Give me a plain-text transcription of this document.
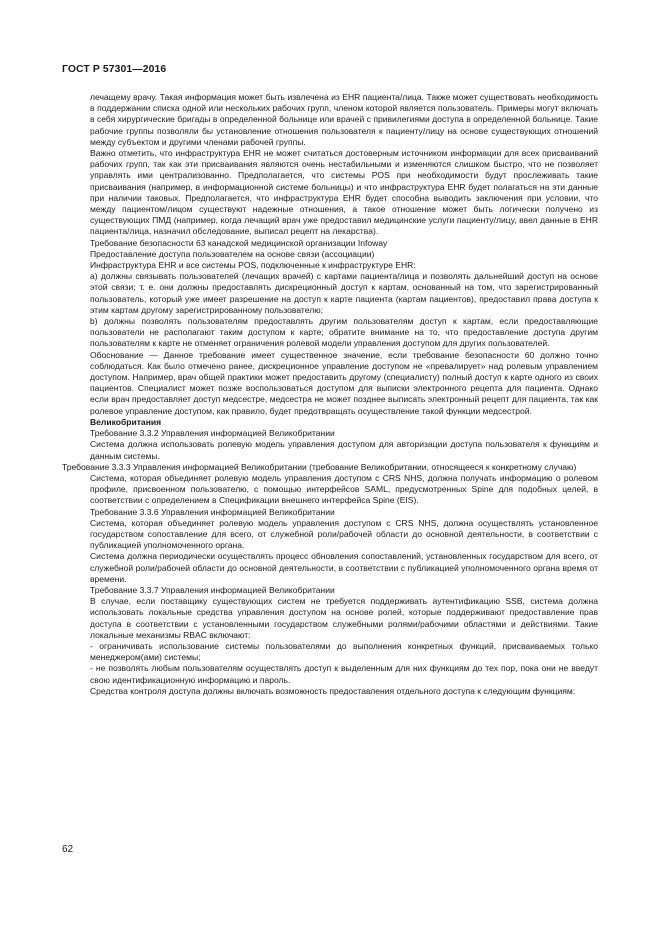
ГОСТ Р 57301—2016

лечащему врачу. Такая информация может быть извлечена из EHR пациента/лица. Также может существовать необходимость в поддержании списка одной или нескольких рабочих групп, членом которой является пользователь. Примеры могут включать в себя хирургические бригады в определенной больнице или врачей с привилегиями доступа в определенной больнице. Такие рабочие группы позволяли бы установление отношения пользователя к пациенту/лицу на основе существующих отношений между субъектом и другими членами рабочей группы.

Важно отметить, что инфраструктура EHR не может считаться достоверным источником информации для всех присваиваний рабочих групп, так как эти присваивания являются очень нестабильными и изменяются слишком быстро, что не позволяет управлять ими централизованно. Предполагается, что системы POS при необходимости будут прослеживать такие присваивания (например, в информационной системе больницы) и что инфраструктура EHR будет полагаться на эти данные при наличии таковых. Предполагается, что инфраструктура EHR будет способна выводить заключения при условии, что между пациентом/лицом существуют надежные отношения, а такое отношение может быть логически получено из существующих ПМД (например, когда лечащий врач уже предоставил медицинские услуги пациенту/лицу, ввел данные в EHR пациента/лица, назначил обследование, выписал рецепт на лекарства).

Требование безопасности 63 канадской медицинской организации Infoway

Предоставление доступа пользователем на основе связи (ассоциации)

Инфраструктура EHR и все системы POS, подключенные к инфраструктуре EHR:

а) должны связывать пользователей (лечащих врачей) с картами пациента/лица и позволять дальнейший доступ на основе этой связи; т. е. они должны предоставлять дискреционный доступ к картам, основанный на том, что зарегистрированный пользователь, который уже имеет разрешение на доступ к карте пациента (картам пациентов), предоставил права доступа к этим картам другому зарегистрированному пользователю;

b) должны позволять пользователям предоставлять другим пользователям доступ к картам, если предоставляющие пользователи не располагают таким доступом к карте; обратите внимание на то, что предоставление доступа другим пользователям к карте не отменяет ограничения ролевой модели управления доступом для других пользователей.

Обоснование — Данное требование имеет существенное значение, если требование безопасности 60 должно точно соблюдаться. Как было отмечено ранее, дискреционное управление доступом не «превалирует» над ролевым управлением доступом. Например, врач общей практики может предоставить другому (специалисту) полный доступ к карте одного из своих пациентов. Специалист может позже воспользоваться доступом для выписки электронного рецепта для пациента. Однако если врач предоставляет доступ медсестре, медсестра не может позднее выписать электронный рецепт для пациента, так как ролевое управление доступом, как правило, будет предотвращать осуществление такой функции медсестрой.

Великобритания

Требование 3.3.2 Управления информацией Великобритании

Система должна использовать ролевую модель управления доступом для авторизации доступа пользователя к функциям и данным системы.

Требование 3.3.3 Управления информацией Великобритании (требование Великобритании, относящееся к конкретному случаю)

Система, которая объединяет ролевую модель управления доступом с CRS NHS, должна получать информацию о ролевом профиле, присвоенном пользователю, с помощью интерфейсов SAML, предусмотренных Spine для подобных целей, в соответствии с определением в Спецификации внешнего интерфейса Spine (EIS).

Требование 3.3.6 Управления информацией Великобритании

Система, которая объединяет ролевую модель управления доступом с CRS NHS, должна осуществлять установленное государством сопоставление для всего, от служебной роли/рабочей области до основной деятельности, в соответствии с публикацией уполномоченного органа.

Система должна периодически осуществлять процесс обновления сопоставлений, установленных государством для всего, от служебной роли/рабочей области до основной деятельности, в соответствии с публикацией уполномоченного органа время от времени.

Требование 3.3.7 Управления информацией Великобритании

В случае, если поставщику существующих систем не требуется поддерживать аутентификацию SSB, система должна использовать локальные средства управления доступом на основе ролей, которые поддерживают предоставление прав доступа в соответствии с установленными государством служебными ролями/рабочими областями и действиями. Такие локальные механизмы RBAC включают:

- ограничивать использование системы пользователями до выполнения конкретных функций, присваиваемых только менеджером(ами) системы;

- не позволять любым пользователям осуществлять доступ к выделенным для них функциям до тех пор, пока они не введут свою идентификационную информацию и пароль.

Средства контроля доступа должны включать возможность предоставления отдельного доступа к следующим функциям:

62
